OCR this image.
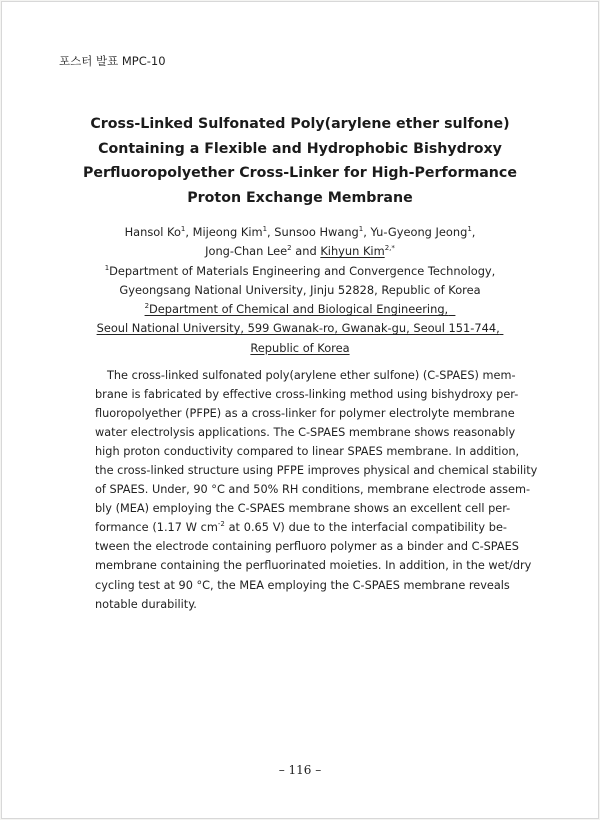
포스터 발표 MPC-10
Cross-Linked Sulfonated Poly(arylene ether sulfone)
Containing a Flexible and Hydrophobic Bishydroxy
Perfluoropolyether Cross-Linker for High-Performance
Proton Exchange Membrane
Hansol Ko$^1$, Mijeong Kim$^1$, Sunsoo Hwang$^1$, Yu-Gyeong Jeong$^1$,
Jong-Chan Lee$^2$ and Kihyun Kim$^{2,*}$
$^1$Department of Materials Engineering and Convergence Technology,
Gyeongsang National University, Jinju 52828, Republic of Korea
$^2$Department of Chemical and Biological Engineering,
Seoul National University, 599 Gwanak-ro, Gwanak-gu, Seoul 151-744,
Republic of Korea
The cross-linked sulfonated poly(arylene ether sulfone) (C-SPAES) mem-
brane is fabricated by effective cross-linking method using bishydroxy per-
fluoropolyether (PFPE) as a cross-linker for polymer electrolyte membrane
water electrolysis applications. The C-SPAES membrane shows reasonably
high proton conductivity compared to linear SPAES membrane. In addition,
the cross-linked structure using PFPE improves physical and chemical stability
of SPAES. Under, 90 °C and 50% RH conditions, membrane electrode assem-
bly (MEA) employing the C-SPAES membrane shows an excellent cell per-
formance (1.17 W $cm^{-2}$ at 0.65 V) due to the interfacial compatibility be-
tween the electrode containing perfluoro polymer as a binder and C-SPAES
membrane containing the perfluorinated moieties. In addition, in the wet/dry
cycling test at 90 °C, the MEA employing the C-SPAES membrane reveals
notable durability.
– 116 –
